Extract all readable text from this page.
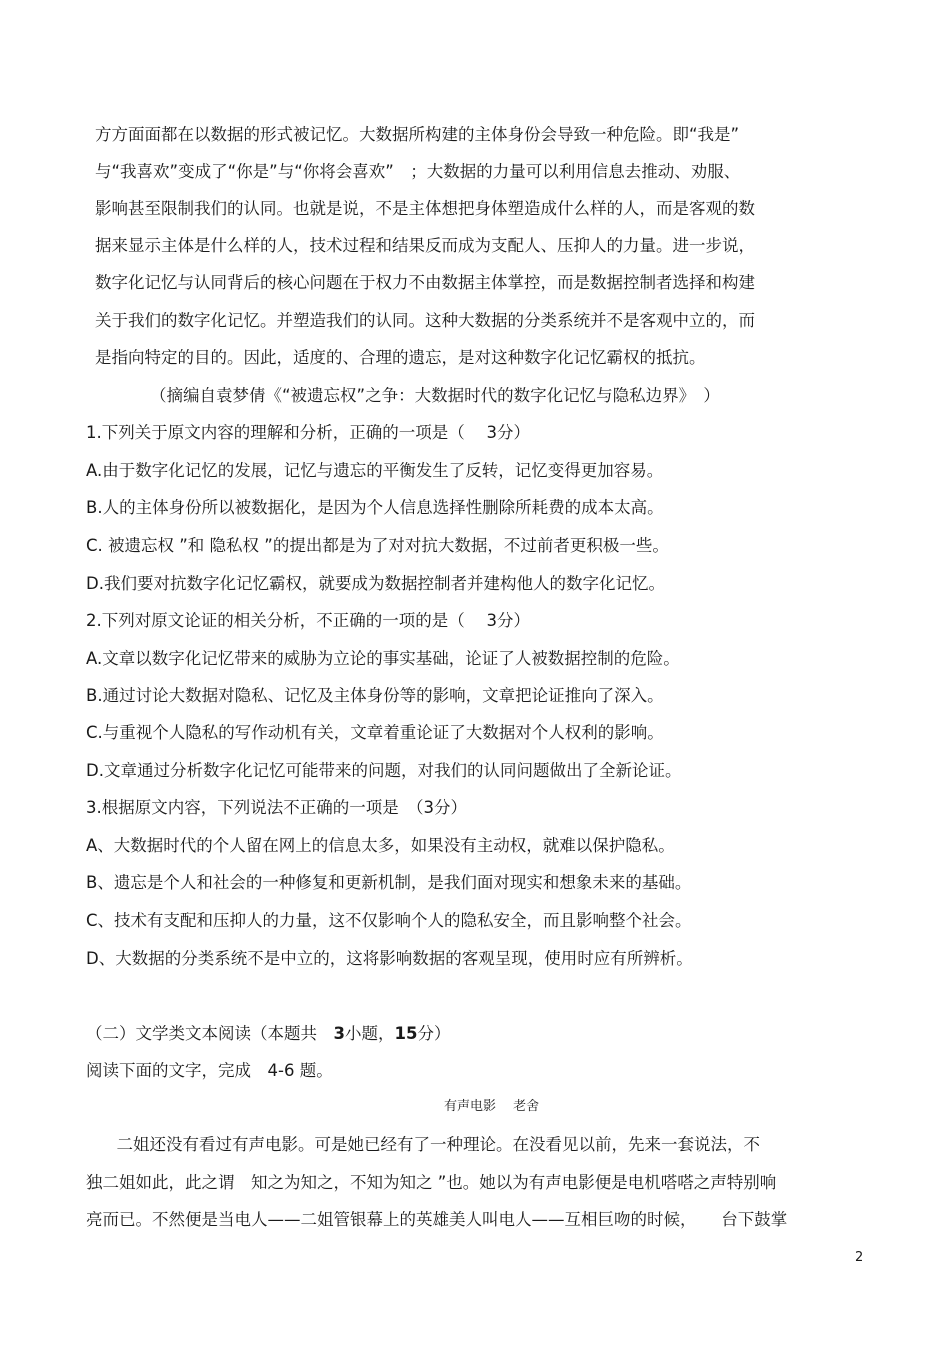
方方面面都在以数据的形式被记忆。大数据所构建的主体身份会导致一种危险。即“我是”
与“我喜欢”变成了“你是”与“你将会喜欢”　；大数据的力量可以利用信息去推动、劝服、
影响甚至限制我们的认同。也就是说，不是主体想把身体塑造成什么样的人，而是客观的数
据来显示主体是什么样的人，技术过程和结果反而成为支配人、压抑人的力量。进一步说，
数字化记忆与认同背后的核心问题在于权力不由数据主体掌控，而是数据控制者选择和构建
关于我们的数字化记忆。并塑造我们的认同。这种大数据的分类系统并不是客观中立的，而
是指向特定的目的。因此，适度的、合理的遗忘，是对这种数字化记忆霸权的抵抗。
（摘编自袁梦倩《“被遗忘权”之争：大数据时代的数字化记忆与隐私边界》　）
1.下列关于原文内容的理解和分析，正确的一项是（　 3分）
A.由于数字化记忆的发展，记忆与遗忘的平衡发生了反转，记忆变得更加容易。
B.人的主体身份所以被数据化，是因为个人信息选择性删除所耗费的成本太高。
C. 被遗忘权 ”和 隐私权 ”的提出都是为了对对抗大数据，不过前者更积极一些。
D.我们要对抗数字化记忆霸权，就要成为数据控制者并建构他人的数字化记忆。
2.下列对原文论证的相关分析，不正确的一项的是（　 3分）
A.文章以数字化记忆带来的威胁为立论的事实基础，论证了人被数据控制的危险。
B.通过讨论大数据对隐私、记忆及主体身份等的影响，文章把论证推向了深入。
C.与重视个人隐私的写作动机有关，文章着重论证了大数据对个人权利的影响。
D.文章通过分析数字化记忆可能带来的问题，对我们的认同问题做出了全新论证。
3.根据原文内容，下列说法不正确的一项是　（3分）
A、大数据时代的个人留在网上的信息太多，如果没有主动权，就难以保护隐私。
B、遗忘是个人和社会的一种修复和更新机制，是我们面对现实和想象未来的基础。
C、技术有支配和压抑人的力量，这不仅影响个人的隐私安全，而且影响整个社会。
D、大数据的分类系统不是中立的，这将影响数据的客观呈现，使用时应有所辨析。
（二）文学类文本阅读（本题共　3小题，15分）
阅读下面的文字，完成　4-6 题。
有声电影　 老舍
　二姐还没有看过有声电影。可是她已经有了一种理论。在没看见以前，先来一套说法，不
独二姐如此，此之谓　知之为知之，不知为知之 ”也。她以为有声电影便是电机嗒嗒之声特别响
亮而已。不然便是当电人——二姐管银幕上的英雄美人叫电人——互相巨吻的时候，　　台下鼓掌
2
